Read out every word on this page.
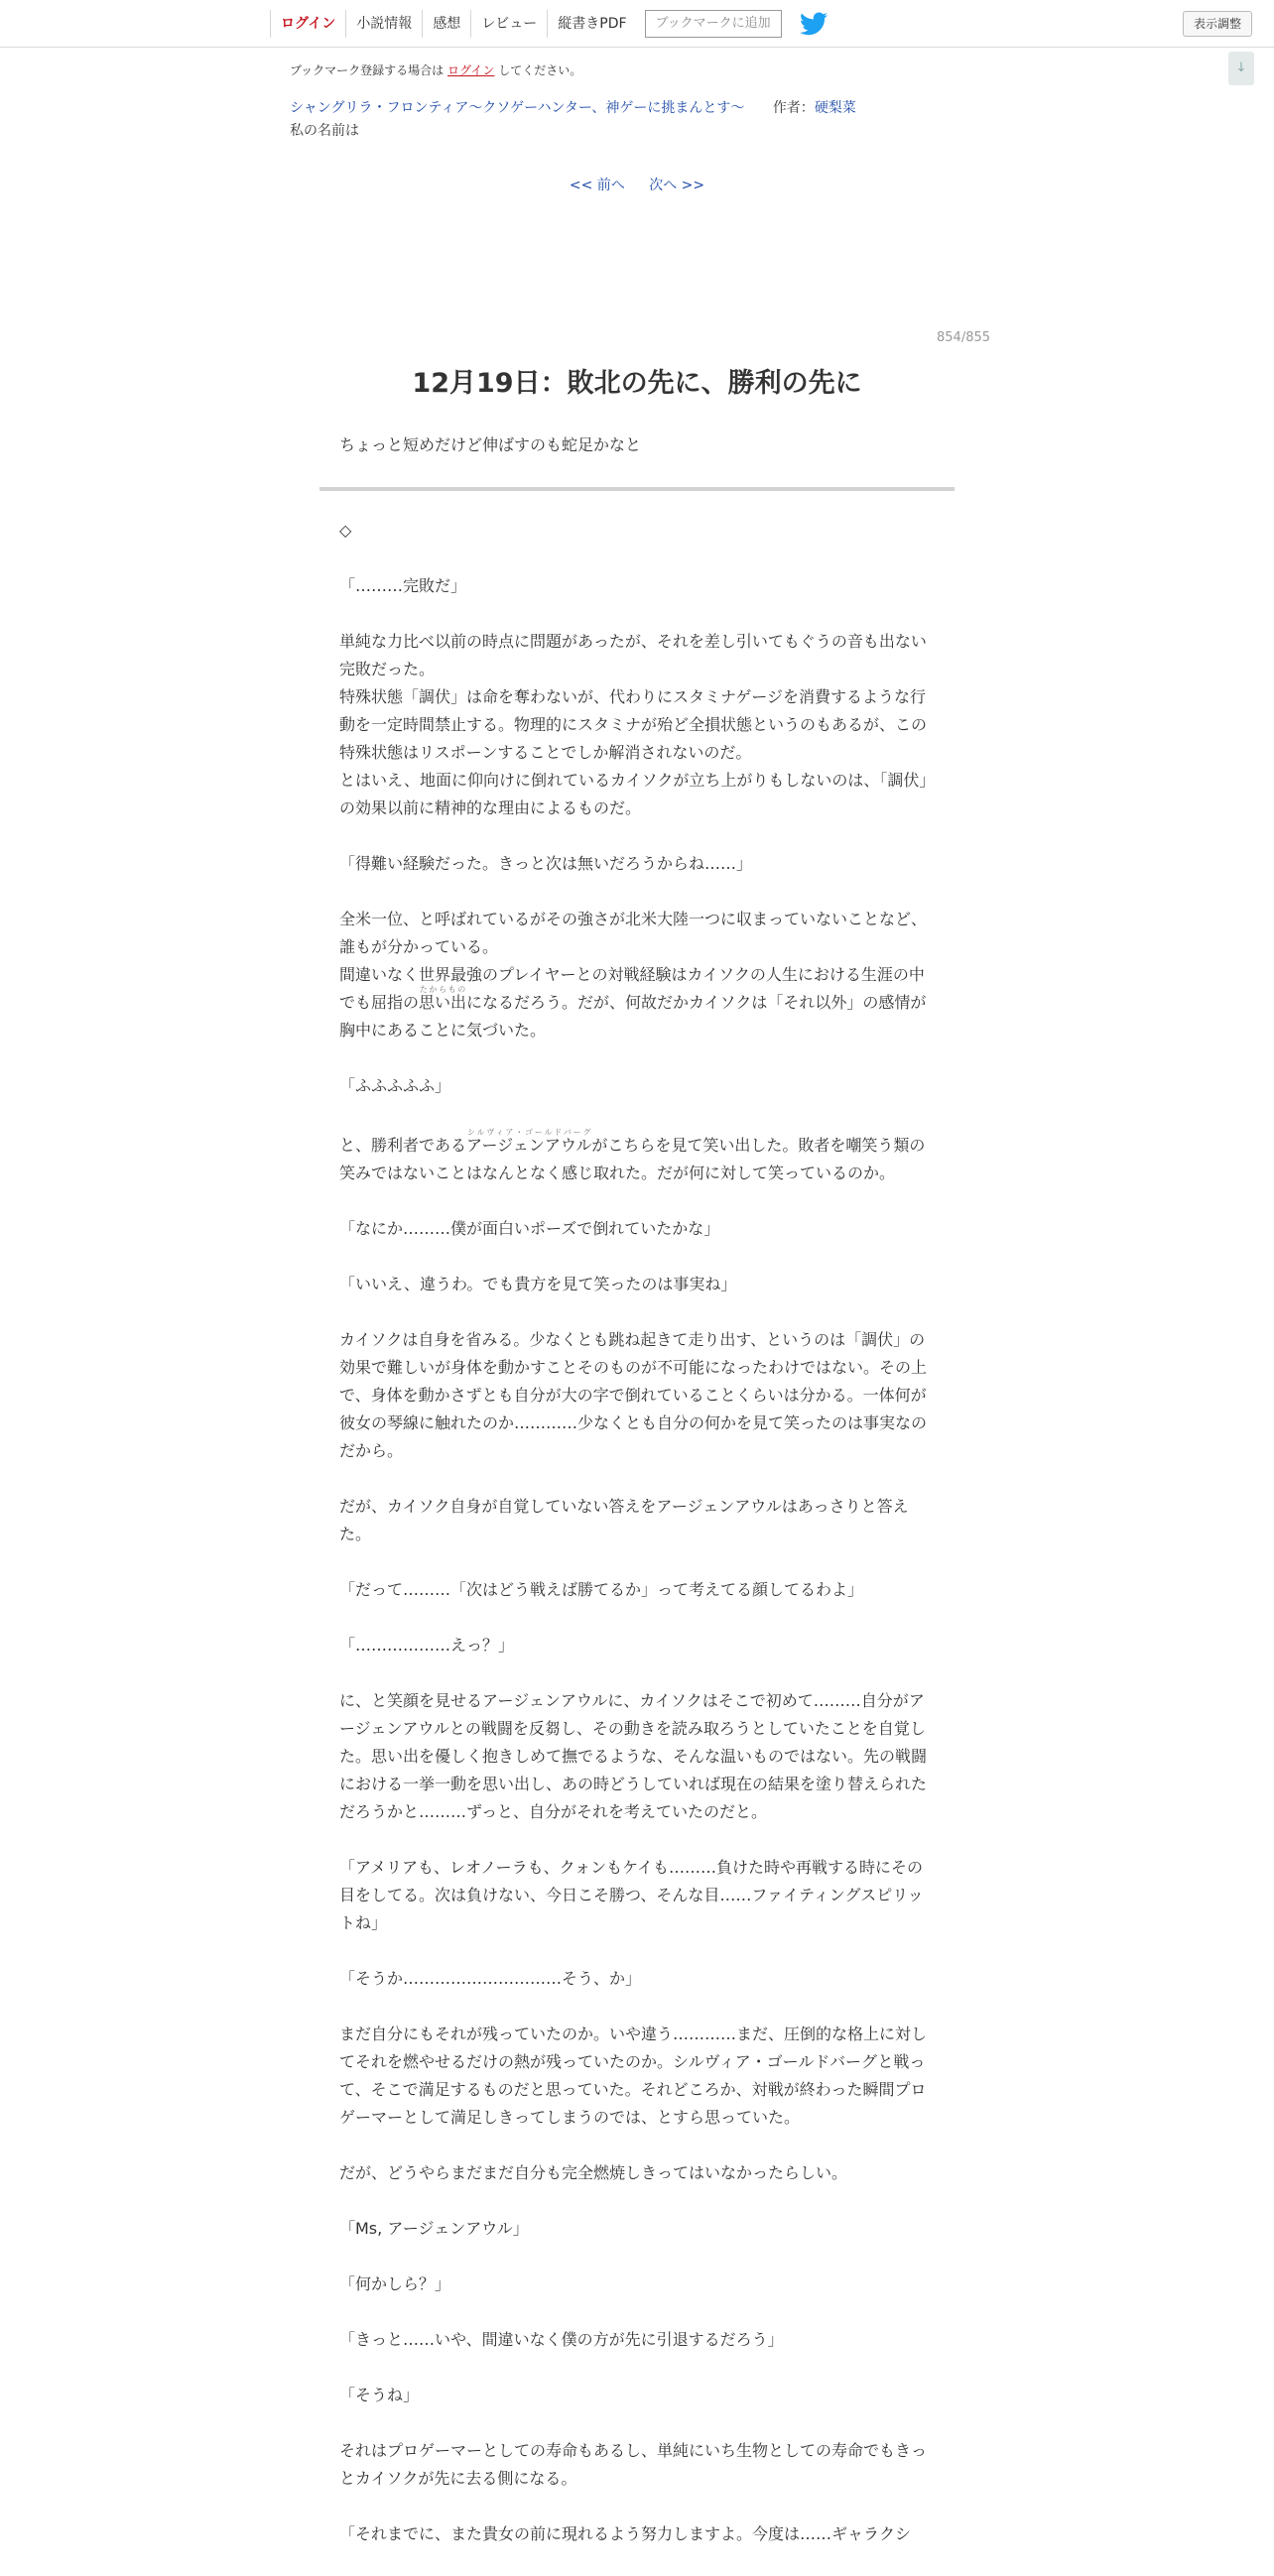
ログイン	小説情報	感想	レビュー	縦書きPDF	ブックマークに追加	表示調整
↓
ブックマーク登録する場合は ログイン してください。
シャングリラ・フロンティア〜クソゲーハンター、神ゲーに挑まんとす〜 作者：硬梨菜
私の名前は
<< 前へ 次へ >>
854/855
12月19日：敗北の先に、勝利の先に
ちょっと短めだけど伸ばすのも蛇足かなと

◇

「………完敗だ」

単純な力比べ以前の時点に問題があったが、それを差し引いてもぐうの音も出ない完敗だった。

特殊状態「調伏」は命を奪わないが、代わりにスタミナゲージを消費するような行動を一定時間禁止する。物理的にスタミナが殆ど全損状態というのもあるが、この特殊状態はリスポーンすることでしか解消されないのだ。

とはいえ、地面に仰向けに倒れているカイソクが立ち上がりもしないのは、「調伏」の効果以前に精神的な理由によるものだ。

「得難い経験だった。きっと次は無いだろうからね……」

全米一位、と呼ばれているがその強さが北米大陸一つに収まっていないことなど、誰もが分かっている。

間違いなく世界最強のプレイヤーとの対戦経験はカイソクの人生における生涯の中でも屈指の思い出たからものになるだろう。だが、何故だかカイソクは「それ以外」の感情が胸中にあることに気づいた。

「ふふふふふ」

と、勝利者であるアージェンアウルシルヴィア・ゴールドバーグがこちらを見て笑い出した。敗者を嘲笑う類の笑みではないことはなんとなく感じ取れた。だが何に対して笑っているのか。

「なにか………僕が面白いポーズで倒れていたかな」

「いいえ、違うわ。でも貴方を見て笑ったのは事実ね」

カイソクは自身を省みる。少なくとも跳ね起きて走り出す、というのは「調伏」の効果で難しいが身体を動かすことそのものが不可能になったわけではない。その上で、身体を動かさずとも自分が大の字で倒れていることくらいは分かる。一体何が彼女の琴線に触れたのか…………少なくとも自分の何かを見て笑ったのは事実なのだから。

だが、カイソク自身が自覚していない答えをアージェンアウルはあっさりと答えた。

「だって………「次はどう戦えば勝てるか」って考えてる顔してるわよ」

「………………えっ？」

に、と笑顔を見せるアージェンアウルに、カイソクはそこで初めて………自分がアージェンアウルとの戦闘を反芻し、その動きを読み取ろうとしていたことを自覚した。思い出を優しく抱きしめて撫でるような、そんな温いものではない。先の戦闘における一挙一動を思い出し、あの時どうしていれば現在の結果を塗り替えられただろうかと………ずっと、自分がそれを考えていたのだと。

「アメリアも、レオノーラも、クォンもケイも………負けた時や再戦する時にその目をしてる。次は負けない、今日こそ勝つ、そんな目……ファイティングスピリットね」

「そうか…………………………そう、か」

まだ自分にもそれが残っていたのか。いや違う…………まだ、圧倒的な格上に対してそれを燃やせるだけの熱が残っていたのか。シルヴィア・ゴールドバーグと戦って、そこで満足するものだと思っていた。それどころか、対戦が終わった瞬間プロゲーマーとして満足しきってしまうのでは、とすら思っていた。

だが、どうやらまだまだ自分も完全燃焼しきってはいなかったらしい。

「Ms, アージェンアウル」

「何かしら？」

「きっと……いや、間違いなく僕の方が先に引退するだろう」

「そうね」

それはプロゲーマーとしての寿命もあるし、単純にいち生物としての寿命でもきっとカイソクが先に去る側になる。

「それまでに、また貴女の前に現れるよう努力しますよ。今度は……ギャラクシ
